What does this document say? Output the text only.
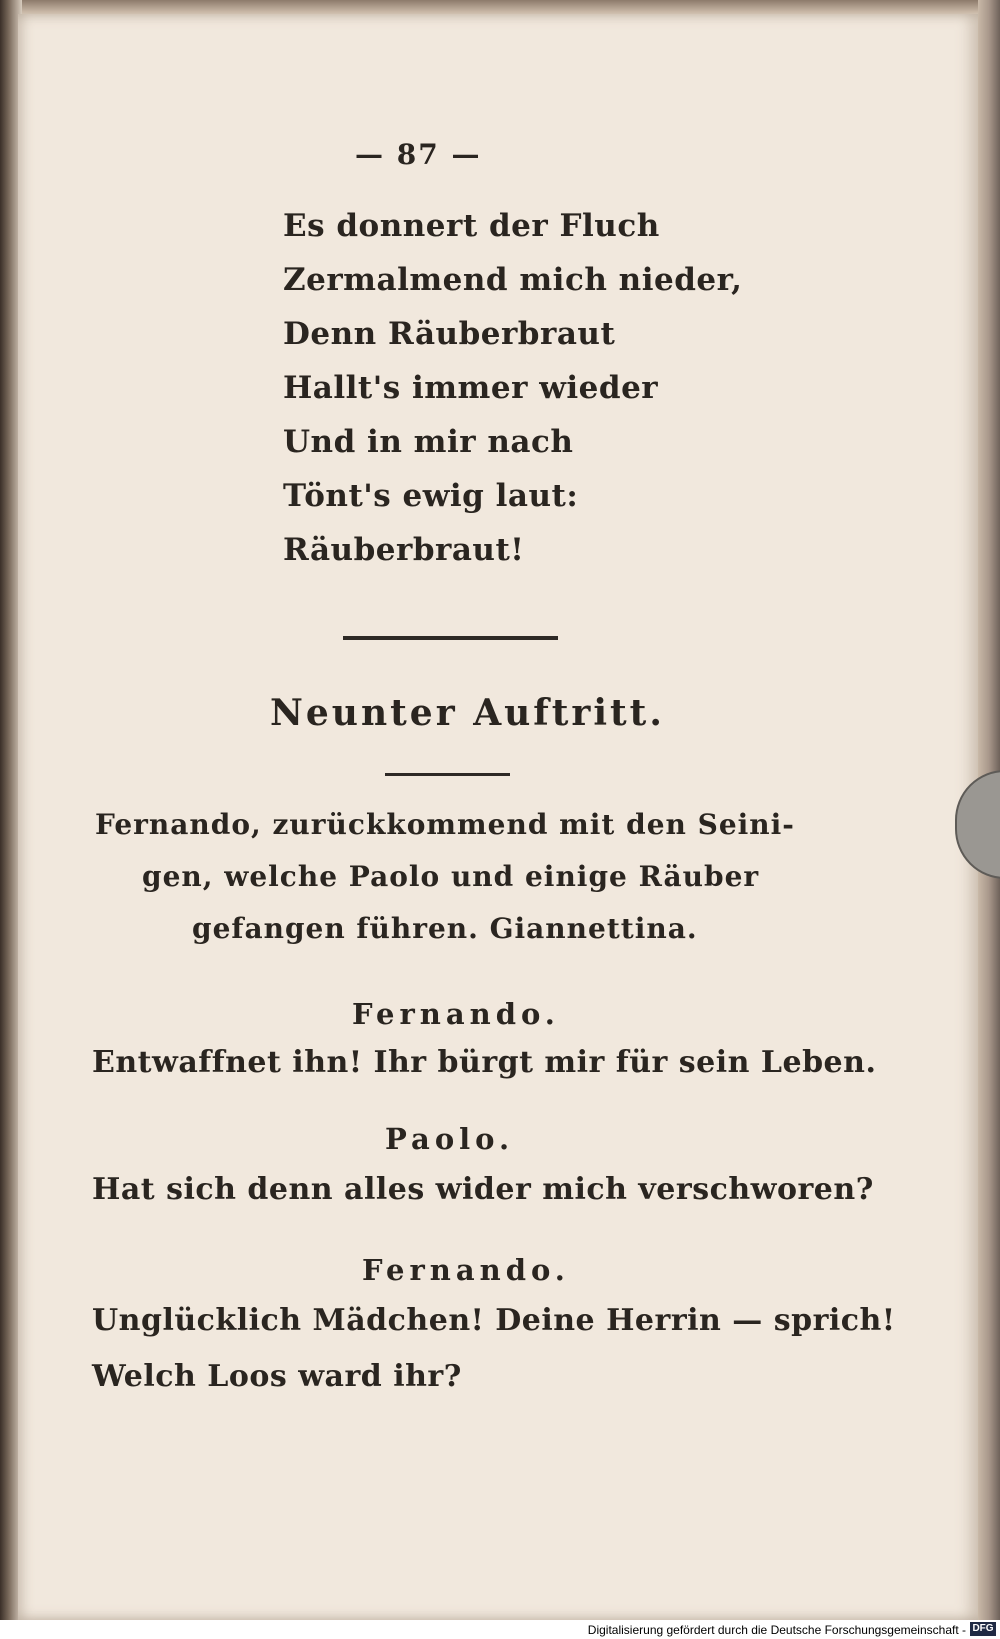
— 87 —

Es donnert der Fluch

Zermalmend mich nieder,

Denn Räuberbraut

Hallt's immer wieder

Und in mir nach

Tönt's ewig laut:

Räuberbraut!

Neunter Auftritt.

Fernando, zurückkommend mit den Seini-

gen, welche Paolo und einige Räuber

gefangen führen. Giannettina.

Fernando.

Entwaffnet ihn! Ihr bürgt mir für sein Leben.

Paolo.

Hat sich denn alles wider mich verschworen?

Fernando.

Unglücklich Mädchen! Deine Herrin — sprich!

Welch Loos ward ihr?

Digitalisierung gefördert durch die Deutsche Forschungsgemeinschaft - DFG
